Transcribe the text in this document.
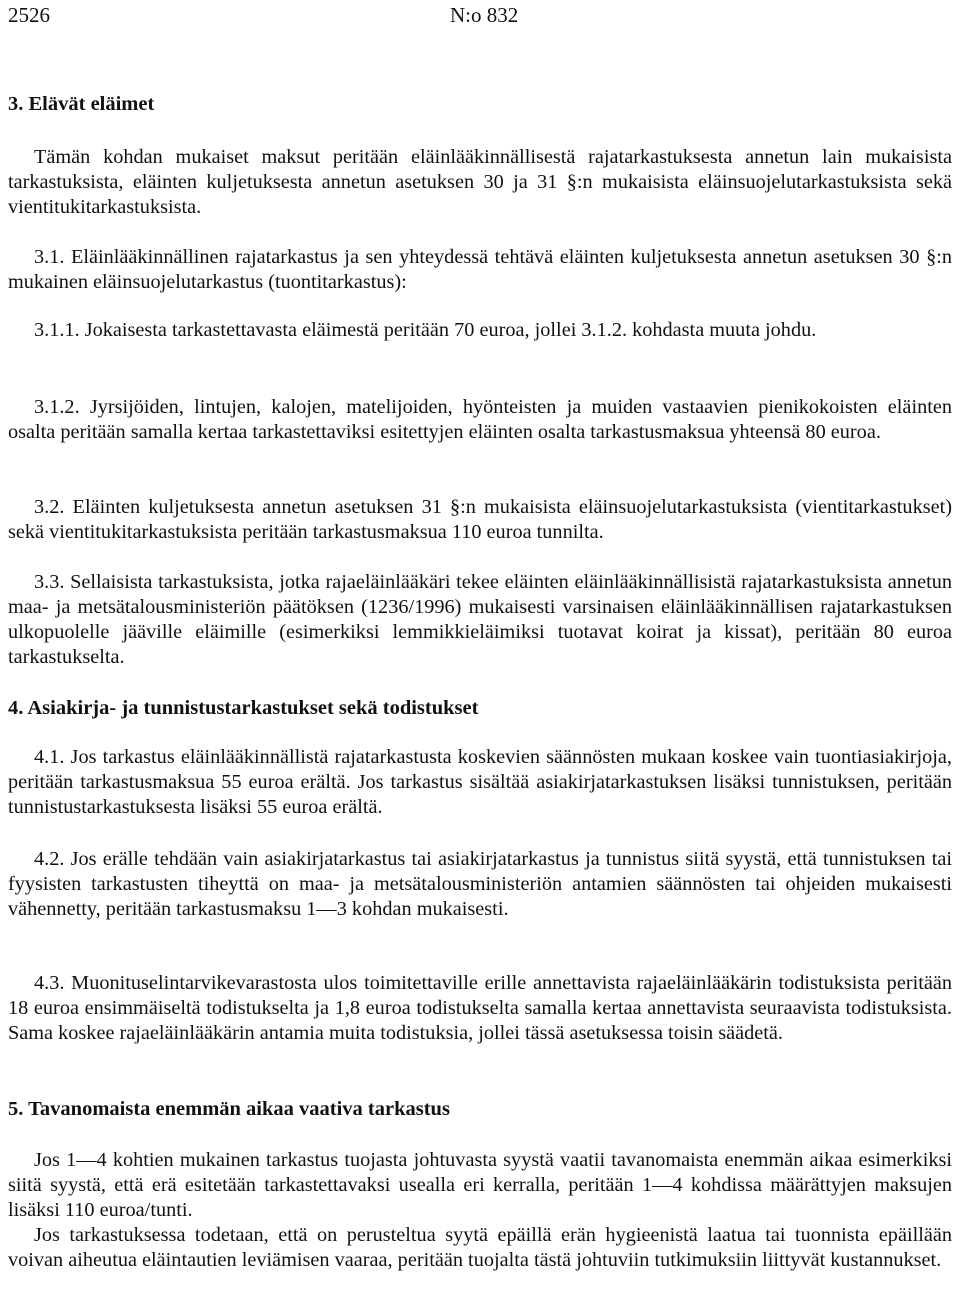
2526	N:o 832
3. Elävät eläimet

Tämän kohdan mukaiset maksut peritään eläinlääkinnällisestä rajatarkastuksesta annetun lain mukaisista tarkastuksista, eläinten kuljetuksesta annetun asetuksen 30 ja 31 §:n mukaisista eläinsuojelutarkastuksista sekä vientitukitarkastuksista.

3.1. Eläinlääkinnällinen rajatarkastus ja sen yhteydessä tehtävä eläinten kuljetuksesta annetun asetuksen 30 §:n mukainen eläinsuojelutarkastus (tuontitarkastus):

3.1.1. Jokaisesta tarkastettavasta eläimestä peritään 70 euroa, jollei 3.1.2. kohdasta muuta johdu.

3.1.2. Jyrsijöiden, lintujen, kalojen, matelijoiden, hyönteisten ja muiden vastaavien pienikokoisten eläinten osalta peritään samalla kertaa tarkastettaviksi esitettyjen eläinten osalta tarkastusmaksua yhteensä 80 euroa.

3.2. Eläinten kuljetuksesta annetun asetuksen 31 §:n mukaisista eläinsuojelutarkastuksista (vientitarkastukset) sekä vientitukitarkastuksista peritään tarkastusmaksua 110 euroa tunnilta.

3.3. Sellaisista tarkastuksista, jotka rajaeläinlääkäri tekee eläinten eläinlääkinnällisistä rajatarkastuksista annetun maa- ja metsätalousministeriön päätöksen (1236/1996) mukaisesti varsinaisen eläinlääkinnällisen rajatarkastuksen ulkopuolelle jääville eläimille (esimerkiksi lemmikkieläimiksi tuotavat koirat ja kissat), peritään 80 euroa tarkastukselta.

4. Asiakirja- ja tunnistustarkastukset sekä todistukset

4.1. Jos tarkastus eläinlääkinnällistä rajatarkastusta koskevien säännösten mukaan koskee vain tuontiasiakirjoja, peritään tarkastusmaksua 55 euroa erältä. Jos tarkastus sisältää asiakirjatarkastuksen lisäksi tunnistuksen, peritään tunnistustarkastuksesta lisäksi 55 euroa erältä.

4.2. Jos erälle tehdään vain asiakirjatarkastus tai asiakirjatarkastus ja tunnistus siitä syystä, että tunnistuksen tai fyysisten tarkastusten tiheyttä on maa- ja metsätalousministeriön antamien säännösten tai ohjeiden mukaisesti vähennetty, peritään tarkastusmaksu 1—3 kohdan mukaisesti.

4.3. Muonituselintarvikevarastosta ulos toimitettaville erille annettavista rajaeläinlääkärin todistuksista peritään 18 euroa ensimmäiseltä todistukselta ja 1,8 euroa todistukselta samalla kertaa annettavista seuraavista todistuksista. Sama koskee rajaeläinlääkärin antamia muita todistuksia, jollei tässä asetuksessa toisin säädetä.

5. Tavanomaista enemmän aikaa vaativa tarkastus

Jos 1—4 kohtien mukainen tarkastus tuojasta johtuvasta syystä vaatii tavanomaista enemmän aikaa esimerkiksi siitä syystä, että erä esitetään tarkastettavaksi usealla eri kerralla, peritään 1—4 kohdissa määrättyjen maksujen lisäksi 110 euroa/tunti.

Jos tarkastuksessa todetaan, että on perusteltua syytä epäillä erän hygieenistä laatua tai tuonnista epäillään voivan aiheutua eläintautien leviämisen vaaraa, peritään tuojalta tästä johtuviin tutkimuksiin liittyvät kustannukset.
